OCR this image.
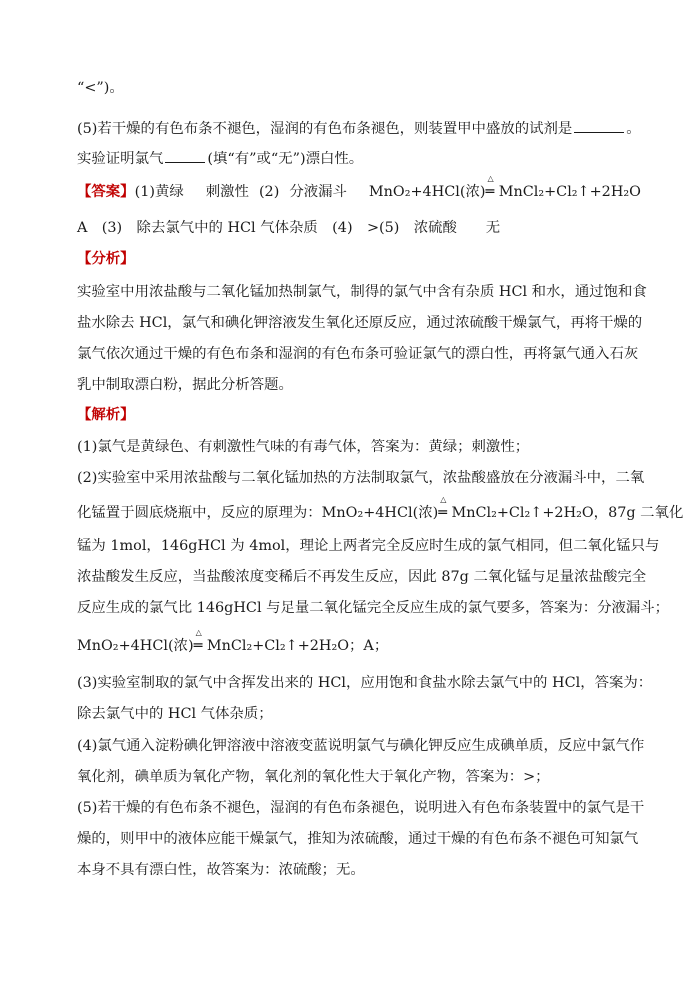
“<”)。
(5)若干燥的有色布条不褪色，湿润的有色布条褪色，则装置甲中盛放的试剂是	。
实验证明氯气	(填“有”或“无”)漂白性。
【答案】(1)黄绿 刺激性 (2) 分液漏斗 MnO₂+4HCl(浓)
△
═ MnCl₂+Cl₂↑+2H₂O
A　(3)　除去氯气中的 HCl 气体杂质　(4)　>(5)　浓硫酸　　无
【分析】
实验室中用浓盐酸与二氧化锰加热制氯气，制得的氯气中含有杂质 HCl 和水，通过饱和食
盐水除去 HCl，氯气和碘化钾溶液发生氧化还原反应，通过浓硫酸干燥氯气，再将干燥的
氯气依次通过干燥的有色布条和湿润的有色布条可验证氯气的漂白性，再将氯气通入石灰
乳中制取漂白粉，据此分析答题。
【解析】
(1)氯气是黄绿色、有刺激性气味的有毒气体，答案为：黄绿；刺激性；
(2)实验室中采用浓盐酸与二氧化锰加热的方法制取氯气，浓盐酸盛放在分液漏斗中，二氧
化锰置于圆底烧瓶中，反应的原理为：MnO₂+4HCl(浓)
△
═ MnCl₂+Cl₂↑+2H₂O，87g 二氧化
锰为 1mol，146gHCl 为 4mol，理论上两者完全反应时生成的氯气相同，但二氧化锰只与
浓盐酸发生反应，当盐酸浓度变稀后不再发生反应，因此 87g 二氧化锰与足量浓盐酸完全
反应生成的氯气比 146gHCl 与足量二氧化锰完全反应生成的氯气要多，答案为：分液漏斗；
MnO₂+4HCl(浓)
△
═ MnCl₂+Cl₂↑+2H₂O；A；
(3)实验室制取的氯气中含挥发出来的 HCl，应用饱和食盐水除去氯气中的 HCl，答案为：
除去氯气中的 HCl 气体杂质；
(4)氯气通入淀粉碘化钾溶液中溶液变蓝说明氯气与碘化钾反应生成碘单质，反应中氯气作
氧化剂，碘单质为氧化产物，氧化剂的氧化性大于氧化产物，答案为：>；
(5)若干燥的有色布条不褪色，湿润的有色布条褪色，说明进入有色布条装置中的氯气是干
燥的，则甲中的液体应能干燥氯气，推知为浓硫酸，通过干燥的有色布条不褪色可知氯气
本身不具有漂白性，故答案为：浓硫酸；无。
